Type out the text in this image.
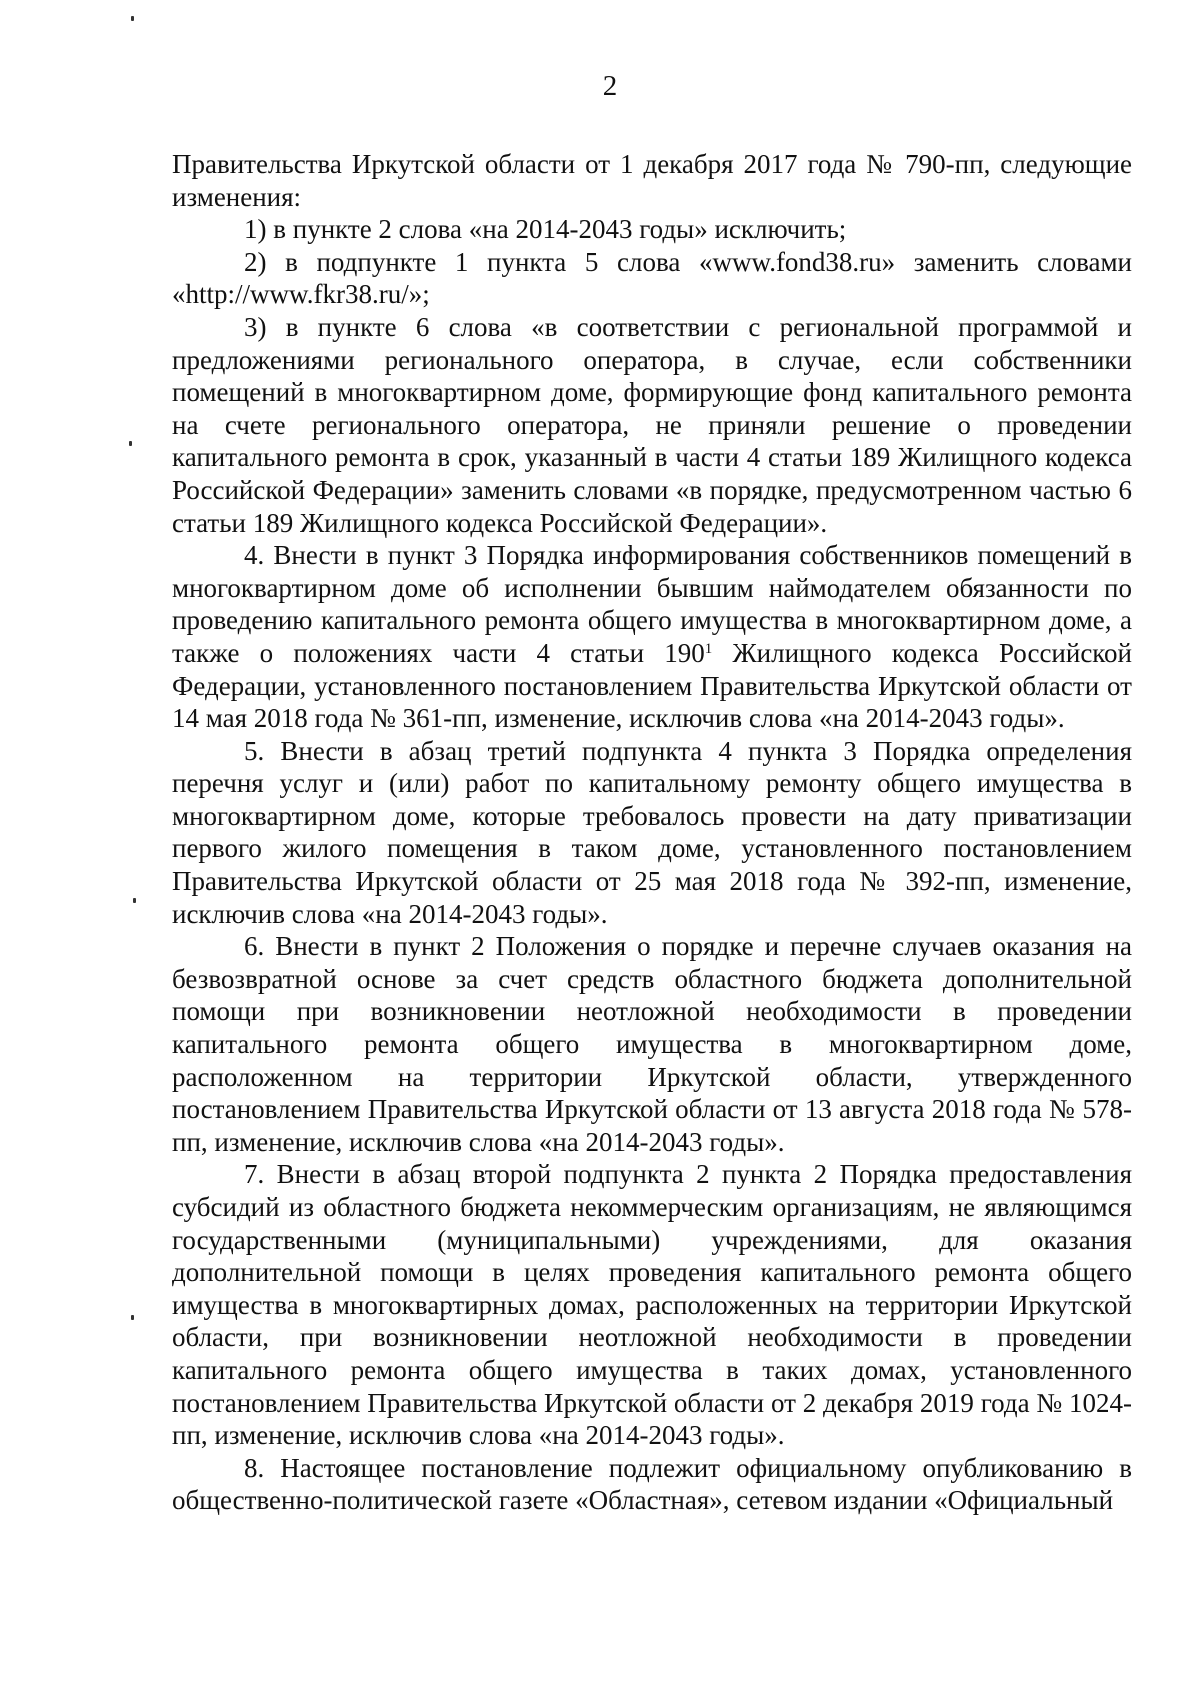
2

Правительства Иркутской области от 1 декабря 2017 года № 790-пп, следующие изменения:

1) в пункте 2 слова «на 2014-2043 годы» исключить;

2) в подпункте 1 пункта 5 слова «www.fond38.ru» заменить словами «http://www.fkr38.ru/»;

3) в пункте 6 слова «в соответствии с региональной программой и предложениями регионального оператора, в случае, если собственники помещений в многоквартирном доме, формирующие фонд капитального ремонта на счете регионального оператора, не приняли решение о проведении капитального ремонта в срок, указанный в части 4 статьи 189 Жилищного кодекса Российской Федерации» заменить словами «в порядке, предусмотренном частью 6 статьи 189 Жилищного кодекса Российской Федерации».

4. Внести в пункт 3 Порядка информирования собственников помещений в многоквартирном доме об исполнении бывшим наймодателем обязанности по проведению капитального ремонта общего имущества в многоквартирном доме, а также о положениях части 4 статьи $190^1$ Жилищного кодекса Российской Федерации, установленного постановлением Правительства Иркутской области от 14 мая 2018 года № 361-пп, изменение, исключив слова «на 2014-2043 годы».

5. Внести в абзац третий подпункта 4 пункта 3 Порядка определения перечня услуг и (или) работ по капитальному ремонту общего имущества в многоквартирном доме, которые требовалось провести на дату приватизации первого жилого помещения в таком доме, установленного постановлением Правительства Иркутской области от 25 мая 2018 года № 392-пп, изменение, исключив слова «на 2014-2043 годы».

6. Внести в пункт 2 Положения о порядке и перечне случаев оказания на безвозвратной основе за счет средств областного бюджета дополнительной помощи при возникновении неотложной необходимости в проведении капитального ремонта общего имущества в многоквартирном доме, расположенном на территории Иркутской области, утвержденного постановлением Правительства Иркутской области от 13 августа 2018 года № 578-пп, изменение, исключив слова «на 2014-2043 годы».

7. Внести в абзац второй подпункта 2 пункта 2 Порядка предоставления субсидий из областного бюджета некоммерческим организациям, не являющимся государственными (муниципальными) учреждениями, для оказания дополнительной помощи в целях проведения капитального ремонта общего имущества в многоквартирных домах, расположенных на территории Иркутской области, при возникновении неотложной необходимости в проведении капитального ремонта общего имущества в таких домах, установленного постановлением Правительства Иркутской области от 2 декабря 2019 года № 1024-пп, изменение, исключив слова «на 2014-2043 годы».

8. Настоящее постановление подлежит официальному опубликованию в общественно-политической газете «Областная», сетевом издании «Официальный
